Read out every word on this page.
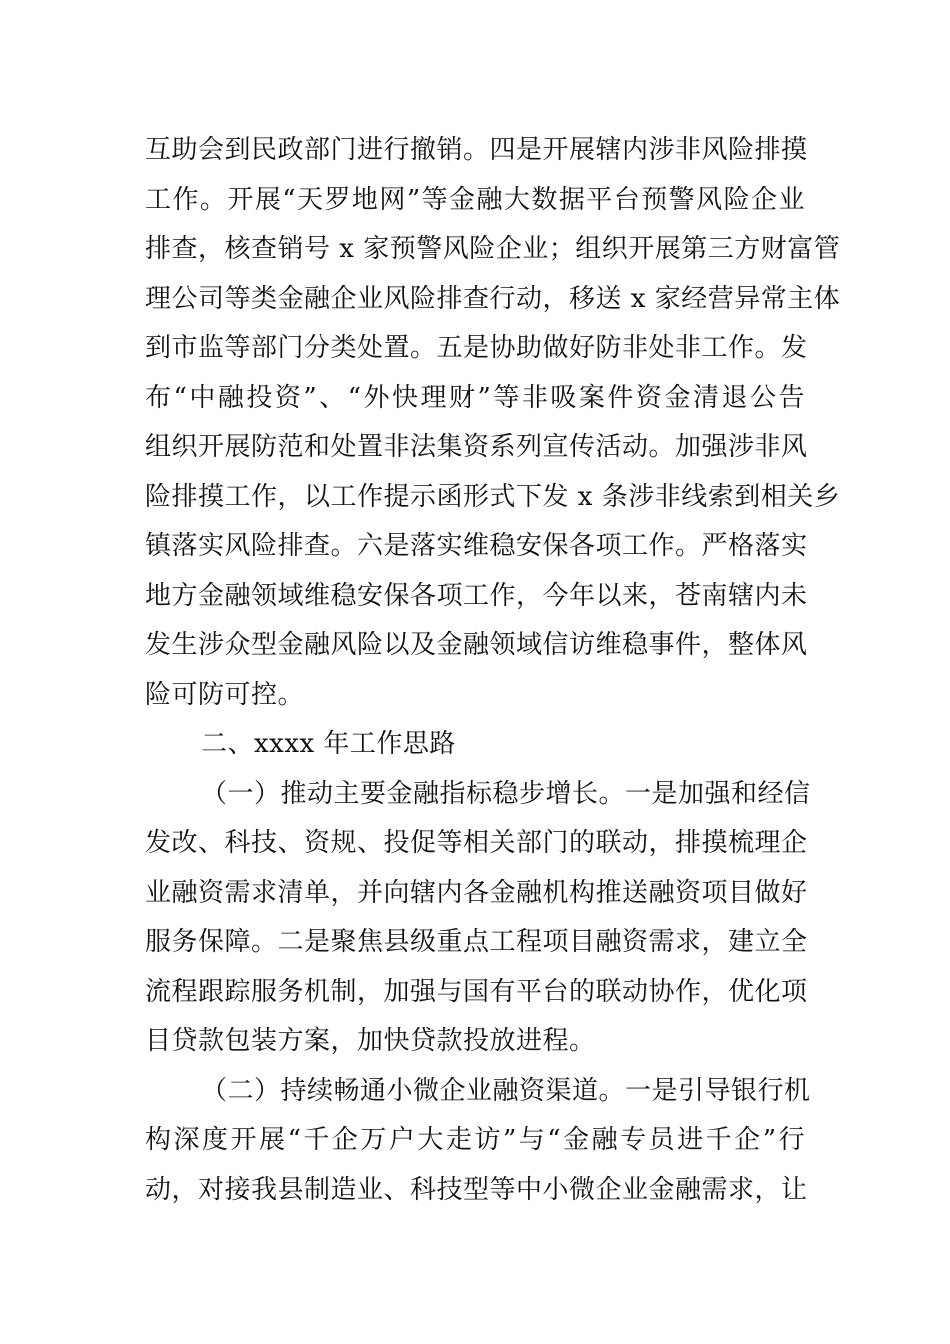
互助会到民政部门进行撤销。四是开展辖内涉非风险排摸
工作。开展“天罗地网”等金融大数据平台预警风险企业
排查，核查销号 x 家预警风险企业；组织开展第三方财富管
理公司等类金融企业风险排查行动，移送 x 家经营异常主体
到市监等部门分类处置。五是协助做好防非处非工作。发
布“中融投资”、“外快理财”等非吸案件资金清退公告
组织开展防范和处置非法集资系列宣传活动。加强涉非风
险排摸工作，以工作提示函形式下发 x 条涉非线索到相关乡
镇落实风险排查。六是落实维稳安保各项工作。严格落实
地方金融领域维稳安保各项工作，今年以来，苍南辖内未
发生涉众型金融风险以及金融领域信访维稳事件，整体风
险可防可控。
二、xxxx 年工作思路
（一）推动主要金融指标稳步增长。一是加强和经信
发改、科技、资规、投促等相关部门的联动，排摸梳理企
业融资需求清单，并向辖内各金融机构推送融资项目做好
服务保障。二是聚焦县级重点工程项目融资需求，建立全
流程跟踪服务机制，加强与国有平台的联动协作，优化项
目贷款包装方案，加快贷款投放进程。
（二）持续畅通小微企业融资渠道。一是引导银行机
构深度开展“千企万户大走访”与“金融专员进千企”行
动，对接我县制造业、科技型等中小微企业金融需求，让
